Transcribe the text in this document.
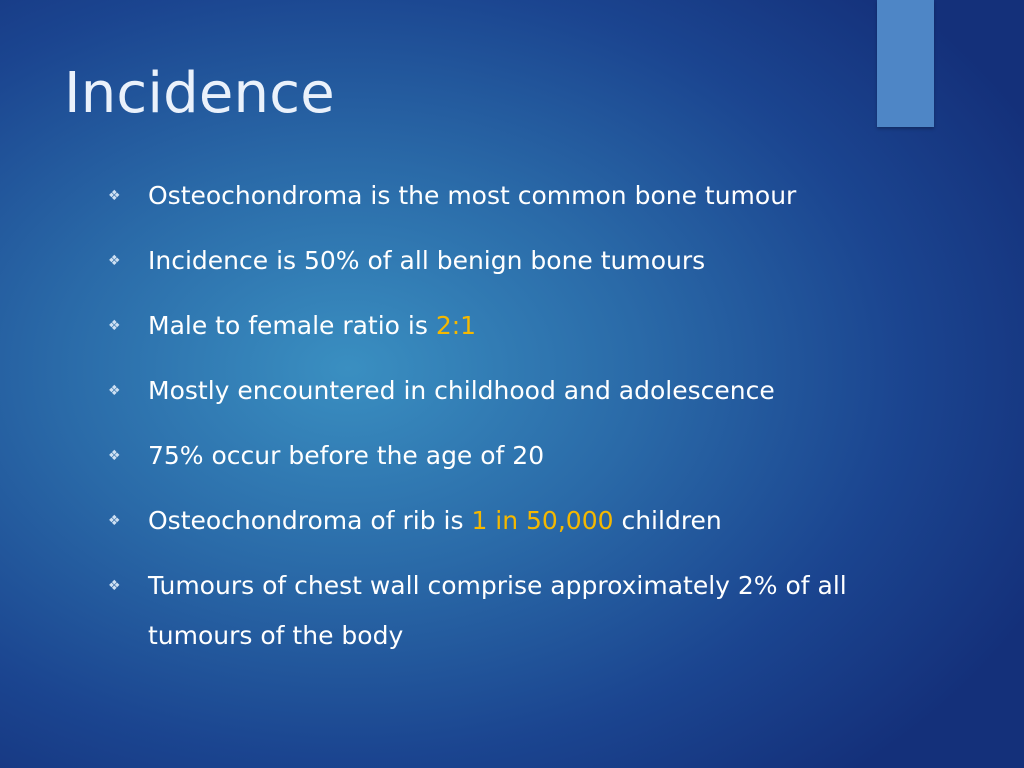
Incidence
❖	Osteochondroma is the most common bone tumour
❖	Incidence is 50% of all benign bone tumours
❖	Male to female ratio is 2:1
❖	Mostly encountered in childhood and adolescence
❖	75% occur before the age of 20
❖	Osteochondroma of rib is 1 in 50,000 children
❖	Tumours of chest wall comprise approximately 2% of all tumours of the body
